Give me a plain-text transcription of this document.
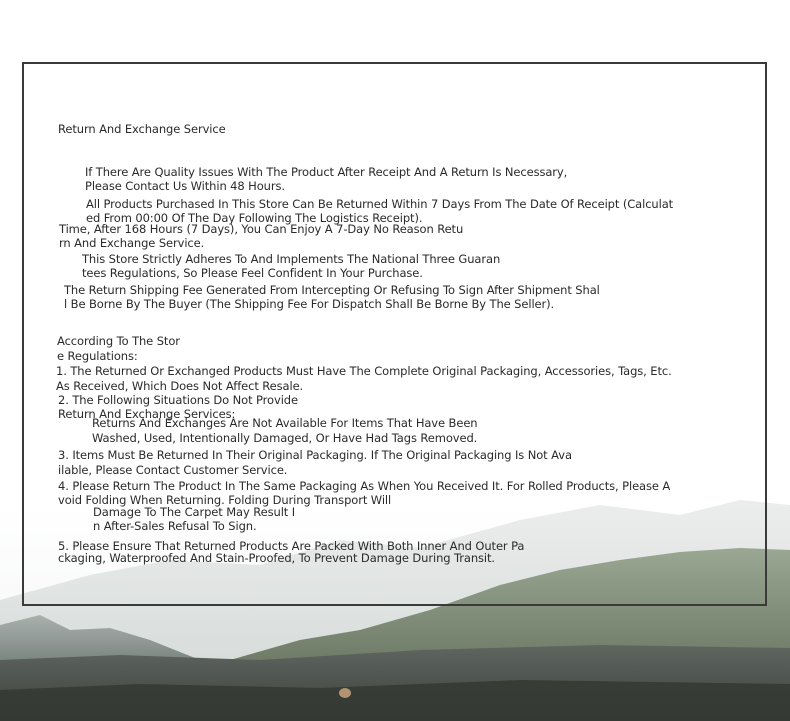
Return And Exchange Service

If There Are Quality Issues With The Product After Receipt And A Return Is Necessary,

Please Contact Us Within 48 Hours.

All Products Purchased In This Store Can Be Returned Within 7 Days From The Date Of Receipt (Calculat

ed From 00:00 Of The Day Following The Logistics Receipt).

Time, After 168 Hours (7 Days), You Can Enjoy A 7-Day No Reason Retu

rn And Exchange Service.

This Store Strictly Adheres To And Implements The National Three Guaran

tees Regulations, So Please Feel Confident In Your Purchase.

The Return Shipping Fee Generated From Intercepting Or Refusing To Sign After Shipment Shal

l Be Borne By The Buyer (The Shipping Fee For Dispatch Shall Be Borne By The Seller).

According To The Stor

e Regulations:

1. The Returned Or Exchanged Products Must Have The Complete Original Packaging, Accessories, Tags, Etc.

As Received, Which Does Not Affect Resale.

2. The Following Situations Do Not Provide

Return And Exchange Services:

Returns And Exchanges Are Not Available For Items That Have Been

Washed, Used, Intentionally Damaged, Or Have Had Tags Removed.

3. Items Must Be Returned In Their Original Packaging. If The Original Packaging Is Not Ava

ilable, Please Contact Customer Service.

4. Please Return The Product In The Same Packaging As When You Received It. For Rolled Products, Please A

void Folding When Returning. Folding During Transport Will

Damage To The Carpet May Result I

n After-Sales Refusal To Sign.

5. Please Ensure That Returned Products Are Packed With Both Inner And Outer Pa

ckaging, Waterproofed And Stain-Proofed, To Prevent Damage During Transit.
